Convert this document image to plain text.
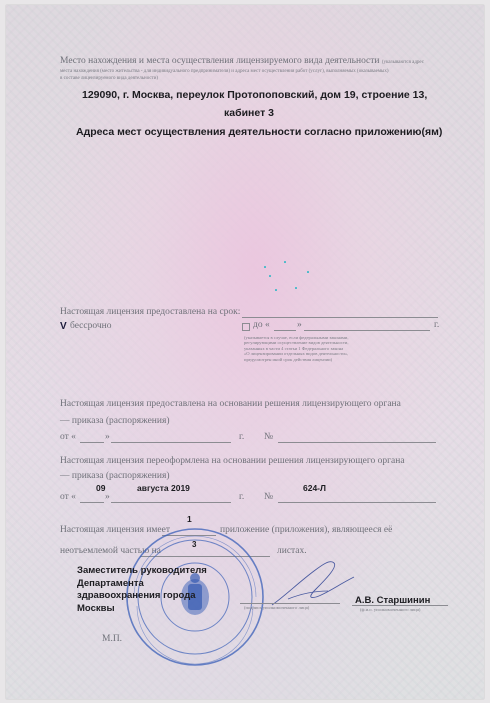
Место нахождения и места осуществления лицензируемого вида деятельности (указываются адрес
места нахождения (место жительства - для индивидуального предпринимателя) и адреса мест осуществления работ (услуг), выполняемых (оказываемых)
в составе лицензируемого вида деятельности)
129090, г. Москва, переулок Протопоповский, дом 19, строение 13,
кабинет 3
Адреса мест осуществления деятельности согласно приложению(ям)
Настоящая лицензия предоставлена на срок:
V бессрочно	до «	»	г.
(указывается в случае, если федеральными законами,
регулирующими осуществление видов деятельности,
указанных в части 4 статьи 1 Федерального закона
«О лицензировании отдельных видов деятельности»,
предусмотрен иной срок действия лицензии)
Настоящая лицензия предоставлена на основании решения лицензирующего органа
— приказа (распоряжения)
от «	»	г. №
Настоящая лицензия переоформлена на основании решения лицензирующего органа
— приказа (распоряжения)
09	августа 2019	624-Л
от «	»	г. №
1
Настоящая лицензия имеет	приложение (приложения), являющееся её
неотъемлемой частью на	листах.
3
Заместитель руководителя
Департамента
здравоохранения города
Москвы	(подпись уполномоченного лица)
А.В. Старшинин
(ф.и.о. уполномоченного лица)
М.П.
